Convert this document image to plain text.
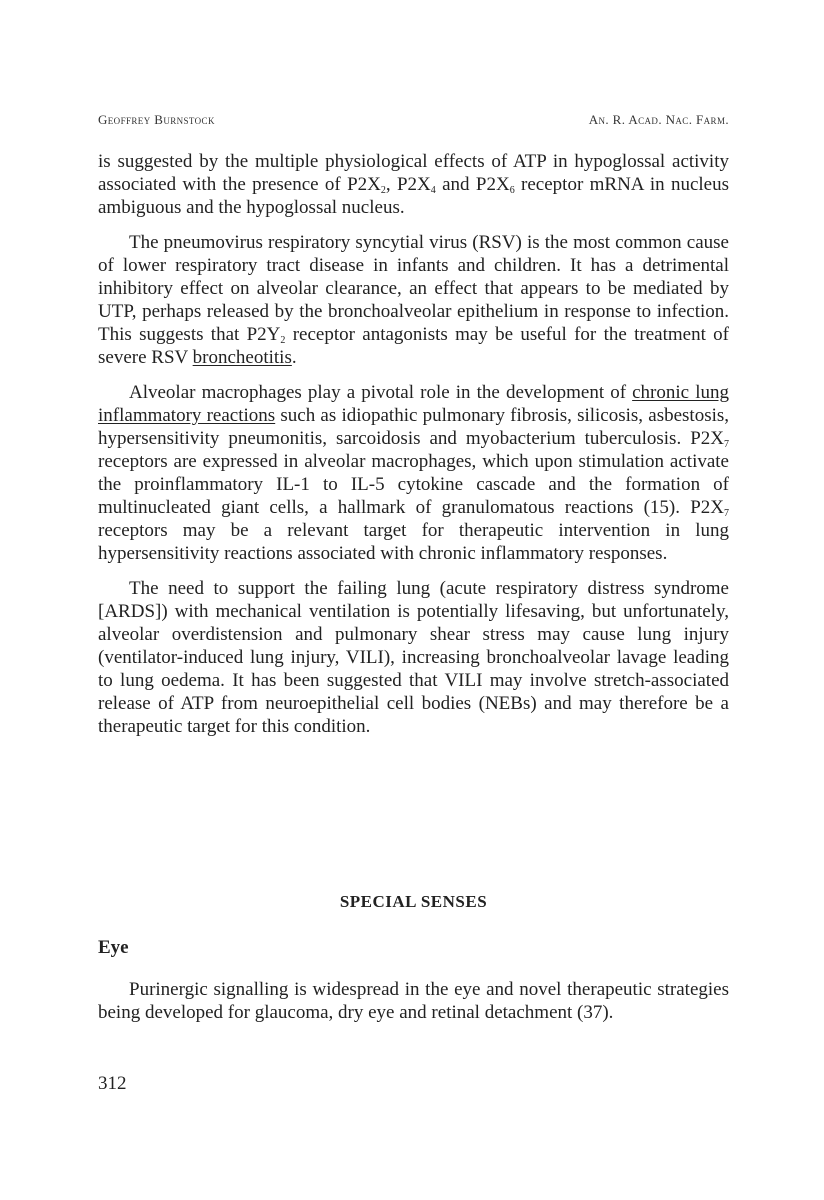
Geoffrey Burnstock	An. R. Acad. Nac. Farm.

is suggested by the multiple physiological effects of ATP in hypoglossal activity associated with the presence of $P2X_2$, $P2X_4$ and $P2X_6$ receptor mRNA in nucleus ambiguous and the hypoglossal nucleus.

The pneumovirus respiratory syncytial virus (RSV) is the most common cause of lower respiratory tract disease in infants and children. It has a detrimental inhibitory effect on alveolar clearance, an effect that appears to be mediated by UTP, perhaps released by the bronchoalveolar epithelium in response to infection. This suggests that $P2Y_2$ receptor antagonists may be useful for the treatment of severe RSV broncheotitis.

Alveolar macrophages play a pivotal role in the development of chronic lung inflammatory reactions such as idiopathic pulmonary fibrosis, silicosis, asbestosis, hypersensitivity pneumonitis, sarcoidosis and myobacterium tuberculosis. $P2X_7$ receptors are expressed in alveolar macrophages, which upon stimulation activate the proinflammatory IL-1 to IL-5 cytokine cascade and the formation of multinucleated giant cells, a hallmark of granulomatous reactions (15). $P2X_7$ receptors may be a relevant target for therapeutic intervention in lung hypersensitivity reactions associated with chronic inflammatory responses.

The need to support the failing lung (acute respiratory distress syndrome [ARDS]) with mechanical ventilation is potentially lifesaving, but unfortunately, alveolar overdistension and pulmonary shear stress may cause lung injury (ventilator-induced lung injury, VILI), increasing bronchoalveolar lavage leading to lung oedema. It has been suggested that VILI may involve stretch-associated release of ATP from neuroepithelial cell bodies (NEBs) and may therefore be a therapeutic target for this condition.

SPECIAL SENSES
Eye

Purinergic signalling is widespread in the eye and novel therapeutic strategies being developed for glaucoma, dry eye and retinal detachment (37).

312
